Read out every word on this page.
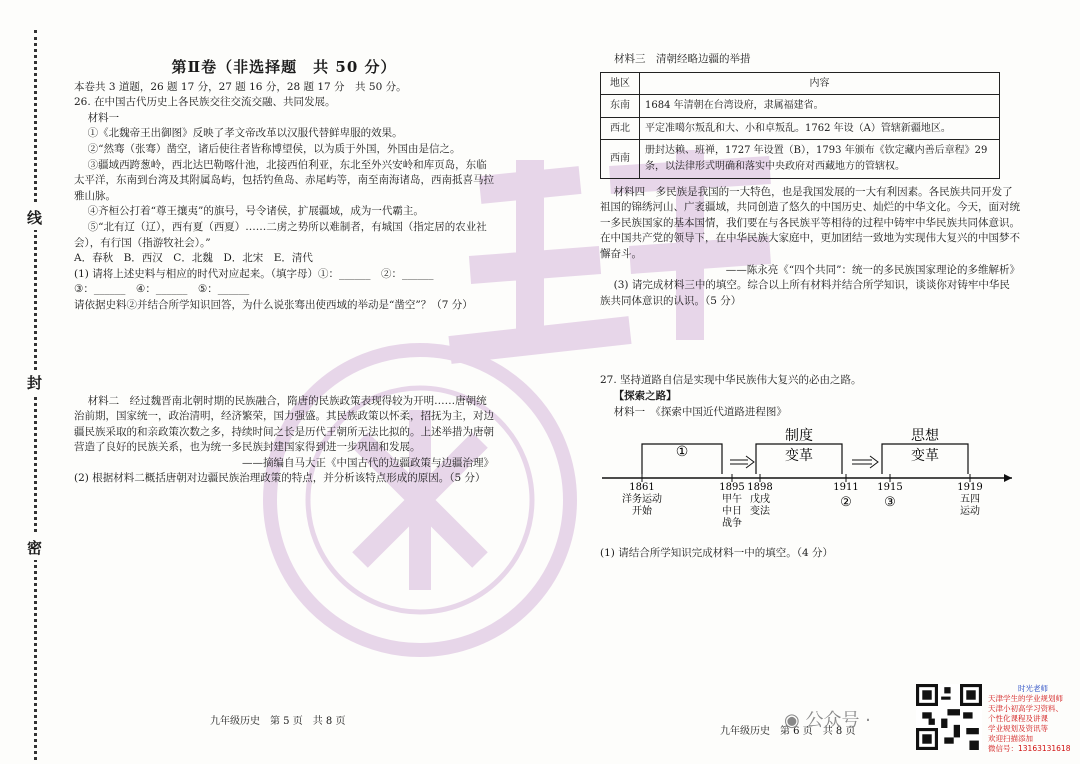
线
封
密
第Ⅱ卷（非选择题　共 50 分）

本卷共 3 道题，26 题 17 分，27 题 16 分，28 题 17 分　共 50 分。

26. 在中国古代历史上各民族交往交流交融、共同发展。

材料一

①《北魏帝王出御图》反映了孝文帝改革以汉服代替鲜卑服的效果。

②“然骞（张骞）凿空，诸后使往者皆称博望侯，以为质于外国，外国由是信之。

③疆域西跨葱岭，西北达巴勒喀什池，北接西伯利亚，东北至外兴安岭和库页岛，东临太平洋，东南到台湾及其附属岛屿，包括钓鱼岛、赤尾屿等，南至南海诸岛，西南抵喜马拉雅山脉。

④齐桓公打着“尊王攘夷”的旗号，号令诸侯，扩展疆域，成为一代霸主。

⑤“北有辽（辽），西有夏（西夏）……二虏之势所以难制者，有城国（指定居的农业社会），有行国（指游牧社会）。”

A．春秋　B．西汉　C．北魏　D．北宋　E．清代

(1) 请将上述史料与相应的时代对应起来。（填字母）①：______　②：______

③：______　④：______　⑤：______

请依据史料②并结合所学知识回答，为什么说张骞出使西域的举动是“凿空”？（7 分）

材料二　经过魏晋南北朝时期的民族融合，隋唐的民族政策表现得较为开明……唐朝统治前期，国家统一，政治清明，经济繁荣，国力强盛。其民族政策以怀柔，招抚为主，对边疆民族采取的和亲政策次数之多，持续时间之长是历代王朝所无法比拟的。上述举措为唐朝营造了良好的民族关系，也为统一多民族封建国家得到进一步巩固和发展。

——摘编自马大正《中国古代的边疆政策与边疆治理》

(2) 根据材料二概括唐朝对边疆民族治理政策的特点，并分析该特点形成的原因。（5 分）

九年级历史　第 5 页　共 8 页

材料三　清朝经略边疆的举措

地区	内容
东南	1684 年清朝在台湾设府，隶属福建省。
西北	平定准噶尔叛乱和大、小和卓叛乱。1762 年设（A）管辖新疆地区。
西南	册封达赖、班禅，1727 年设置（B），1793 年颁布《钦定藏内善后章程》29 条，以法律形式明确和落实中央政府对西藏地方的管辖权。

材料四　多民族是我国的一大特色，也是我国发展的一大有利因素。各民族共同开发了祖国的锦绣河山、广袤疆域，共同创造了悠久的中国历史、灿烂的中华文化。今天，面对统一多民族国家的基本国情，我们要在与各民族平等相待的过程中铸牢中华民族共同体意识。在中国共产党的领导下，在中华民族大家庭中，更加团结一致地为实现伟大复兴的中国梦不懈奋斗。

——陈永亮《“四个共同”：统一的多民族国家理论的多维解析》

(3) 请完成材料三中的填空。综合以上所有材料并结合所学知识，谈谈你对铸牢中华民族共同体意识的认识。（5 分）

27. 坚持道路自信是实现中华民族伟大复兴的必由之路。

【探索之路】

材料一　《探索中国近代道路进程图》

①
制度
变革
思想
变革
1861
洋务运动
开始
1895
甲午
中日
战争
1898
戊戌
变法
1911
②
1915
③
1919
五四
运动

(1) 请结合所学知识完成材料一中的填空。（4 分）

九年级历史　第 6 页　共 8 页
◉ 公众号 ·
时光老师
天津学生的学业规划师
天津小初高学习资料、
个性化课程及讲课
学业规划及资讯等
欢迎扫描添加
微信号：13163131618
